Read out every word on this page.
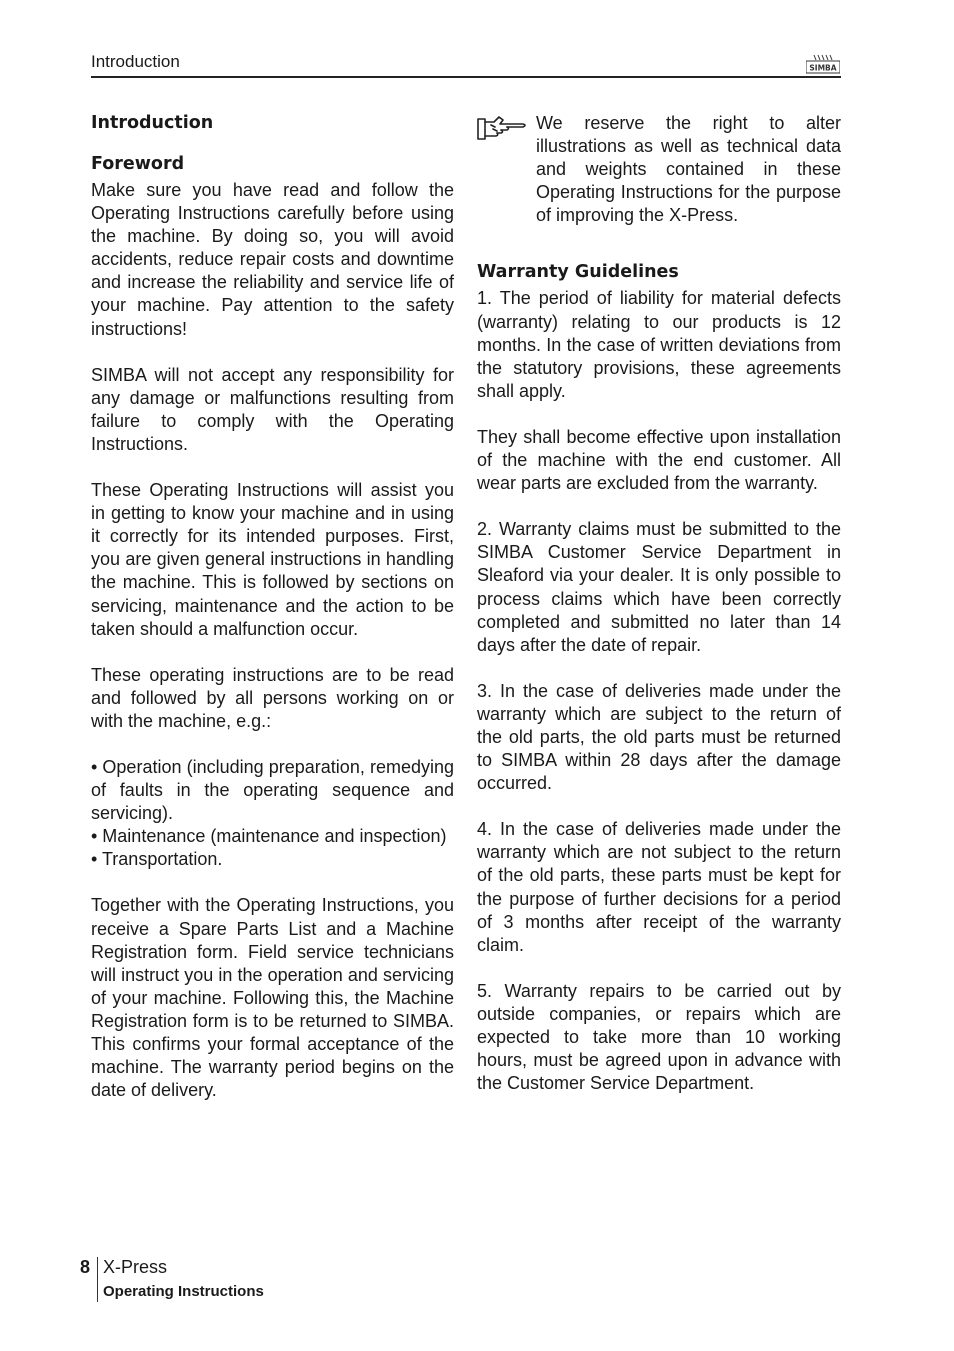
Introduction	SIMBA
Introduction
Foreword

Make sure you have read and follow the Operating Instructions carefully before using the machine. By doing so, you will avoid accidents, reduce repair costs and downtime and increase the reliability and service life of your machine. Pay attention to the safety instructions!

SIMBA will not accept any responsibility for any damage or malfunctions resulting from failure to comply with the Operating Instructions.

These Operating Instructions will assist you in getting to know your machine and in using it correctly for its intended purposes. First, you are given general instructions in handling the machine. This is followed by sections on servicing, maintenance and the action to be taken should a malfunction occur.

These operating instructions are to be read and followed by all persons working on or with the machine, e.g.:

• Operation (including preparation, remedying of faults in the operating sequence and servicing).

• Maintenance (maintenance and inspection)

• Transportation.

Together with the Operating Instructions, you receive a Spare Parts List and a Machine Registration form. Field service technicians will instruct you in the operation and servicing of your machine. Following this, the Machine Registration form is to be returned to SIMBA. This confirms your formal acceptance of the machine. The warranty period begins on the date of delivery.

We reserve the right to alter illustrations as well as technical data and weights contained in these Operating Instructions for the purpose of improving the X-Press.

Warranty Guidelines

1. The period of liability for material defects (warranty) relating to our products is 12 months. In the case of written deviations from the statutory provisions, these agreements shall apply.

They shall become effective upon installation of the machine with the end customer. All wear parts are excluded from the warranty.

2. Warranty claims must be submitted to the SIMBA Customer Service Department in Sleaford via your dealer. It is only possible to process claims which have been correctly completed and submitted no later than 14 days after the date of repair.

3. In the case of deliveries made under the warranty which are subject to the return of the old parts, the old parts must be returned to SIMBA within 28 days after the damage occurred.

4. In the case of deliveries made under the warranty which are not subject to the return of the old parts, these parts must be kept for the purpose of further decisions for a period of 3 months after receipt of the warranty claim.

5. Warranty repairs to be carried out by outside companies, or repairs which are expected to take more than 10 working hours, must be agreed upon in advance with the Customer Service Department.

8 X-Press
Operating Instructions
